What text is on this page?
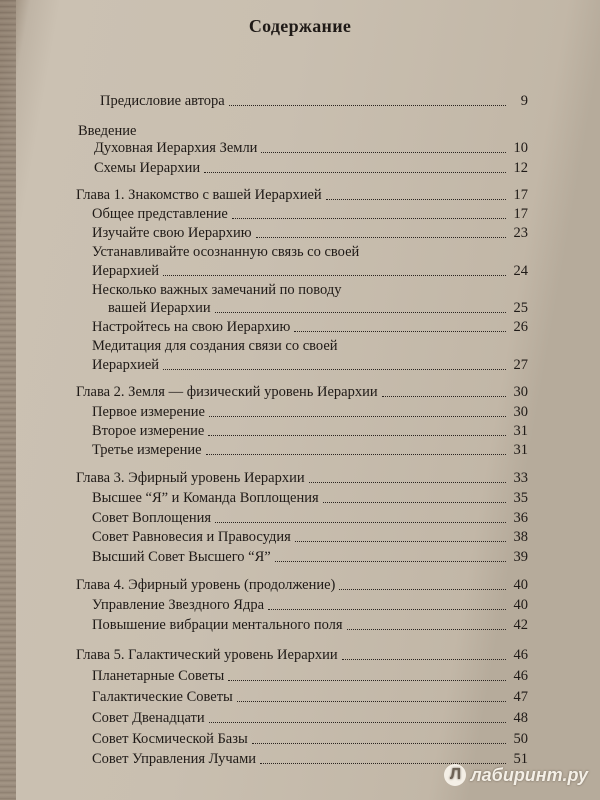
Содержание
Предисловие автора	9
Введение
Духовная Иерархия Земли	10
Схемы Иерархии	12
Глава 1. Знакомство с вашей Иерархией	17
Общее представление	17
Изучайте свою Иерархию	23
Устанавливайте осознанную связь со своей
Иерархией	24
Несколько важных замечаний по поводу
вашей Иерархии	25
Настройтесь на свою Иерархию	26
Медитация для создания связи со своей
Иерархией	27
Глава 2. Земля — физический уровень Иерархии	30
Первое измерение	30
Второе измерение	31
Третье измерение	31
Глава 3. Эфирный уровень Иерархии	33
Высшее “Я” и Команда Воплощения	35
Совет Воплощения	36
Совет Равновесия и Правосудия	38
Высший Совет Высшего “Я”	39
Глава 4. Эфирный уровень (продолжение)	40
Управление Звездного Ядра	40
Повышение вибрации ментального поля	42
Глава 5. Галактический уровень Иерархии	46
Планетарные Советы	46
Галактические Советы	47
Совет Двенадцати	48
Совет Космической Базы	50
Совет Управления Лучами	51
Л лабиринт.ру
